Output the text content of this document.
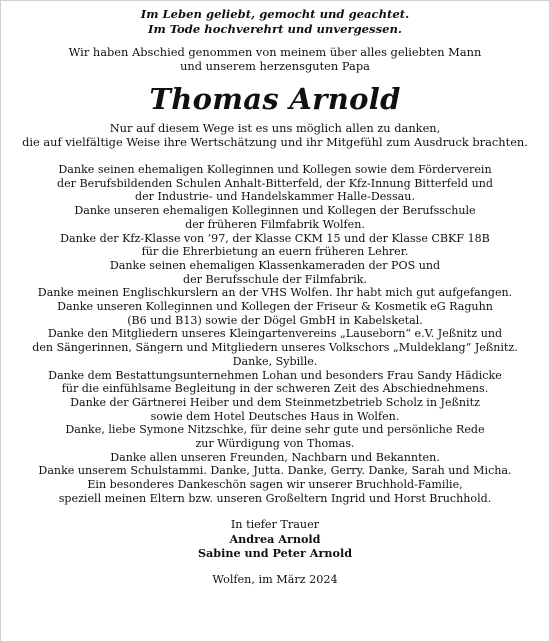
Im Leben geliebt, gemocht und geachtet.
Im Tode hochverehrt und unvergessen.
Wir haben Abschied genommen von meinem über alles geliebten Mann
und unserem herzensguten Papa
Thomas Arnold
Nur auf diesem Wege ist es uns möglich allen zu danken,
die auf vielfältige Weise ihre Wertschätzung und ihr Mitgefühl zum Ausdruck brachten.
Danke seinen ehemaligen Kolleginnen und Kollegen sowie dem Förderverein
der Berufsbildenden Schulen Anhalt-Bitterfeld, der Kfz-Innung Bitterfeld und
der Industrie- und Handelskammer Halle-Dessau.
Danke unseren ehemaligen Kolleginnen und Kollegen der Berufsschule
der früheren Filmfabrik Wolfen.
Danke der Kfz-Klasse von ’97, der Klasse CKM 15 und der Klasse CBKF 18B
für die Ehrerbietung an euern früheren Lehrer.
Danke seinen ehemaligen Klassenkameraden der POS und
der Berufsschule der Filmfabrik.
Danke meinen Englischkurslern an der VHS Wolfen. Ihr habt mich gut aufgefangen.
Danke unseren Kolleginnen und Kollegen der Friseur & Kosmetik eG Raguhn
(B6 und B13) sowie der Dögel GmbH in Kabelsketal.
Danke den Mitgliedern unseres Kleingartenvereins „Lauseborn“ e.V. Jeßnitz und
den Sängerinnen, Sängern und Mitgliedern unseres Volkschors „Muldeklang“ Jeßnitz.
Danke, Sybille.
Danke dem Bestattungsunternehmen Lohan und besonders Frau Sandy Hädicke
für die einfühlsame Begleitung in der schweren Zeit des Abschiednehmens.
Danke der Gärtnerei Heiber und dem Steinmetzbetrieb Scholz in Jeßnitz
sowie dem Hotel Deutsches Haus in Wolfen.
Danke, liebe Symone Nitzschke, für deine sehr gute und persönliche Rede
zur Würdigung von Thomas.
Danke allen unseren Freunden, Nachbarn und Bekannten.
Danke unserem Schulstammi. Danke, Jutta. Danke, Gerry. Danke, Sarah und Micha.
Ein besonderes Dankeschön sagen wir unserer Bruchhold-Familie,
speziell meinen Eltern bzw. unseren Großeltern Ingrid und Horst Bruchhold.
In tiefer Trauer
Andrea Arnold
Sabine und Peter Arnold
Wolfen, im März 2024
